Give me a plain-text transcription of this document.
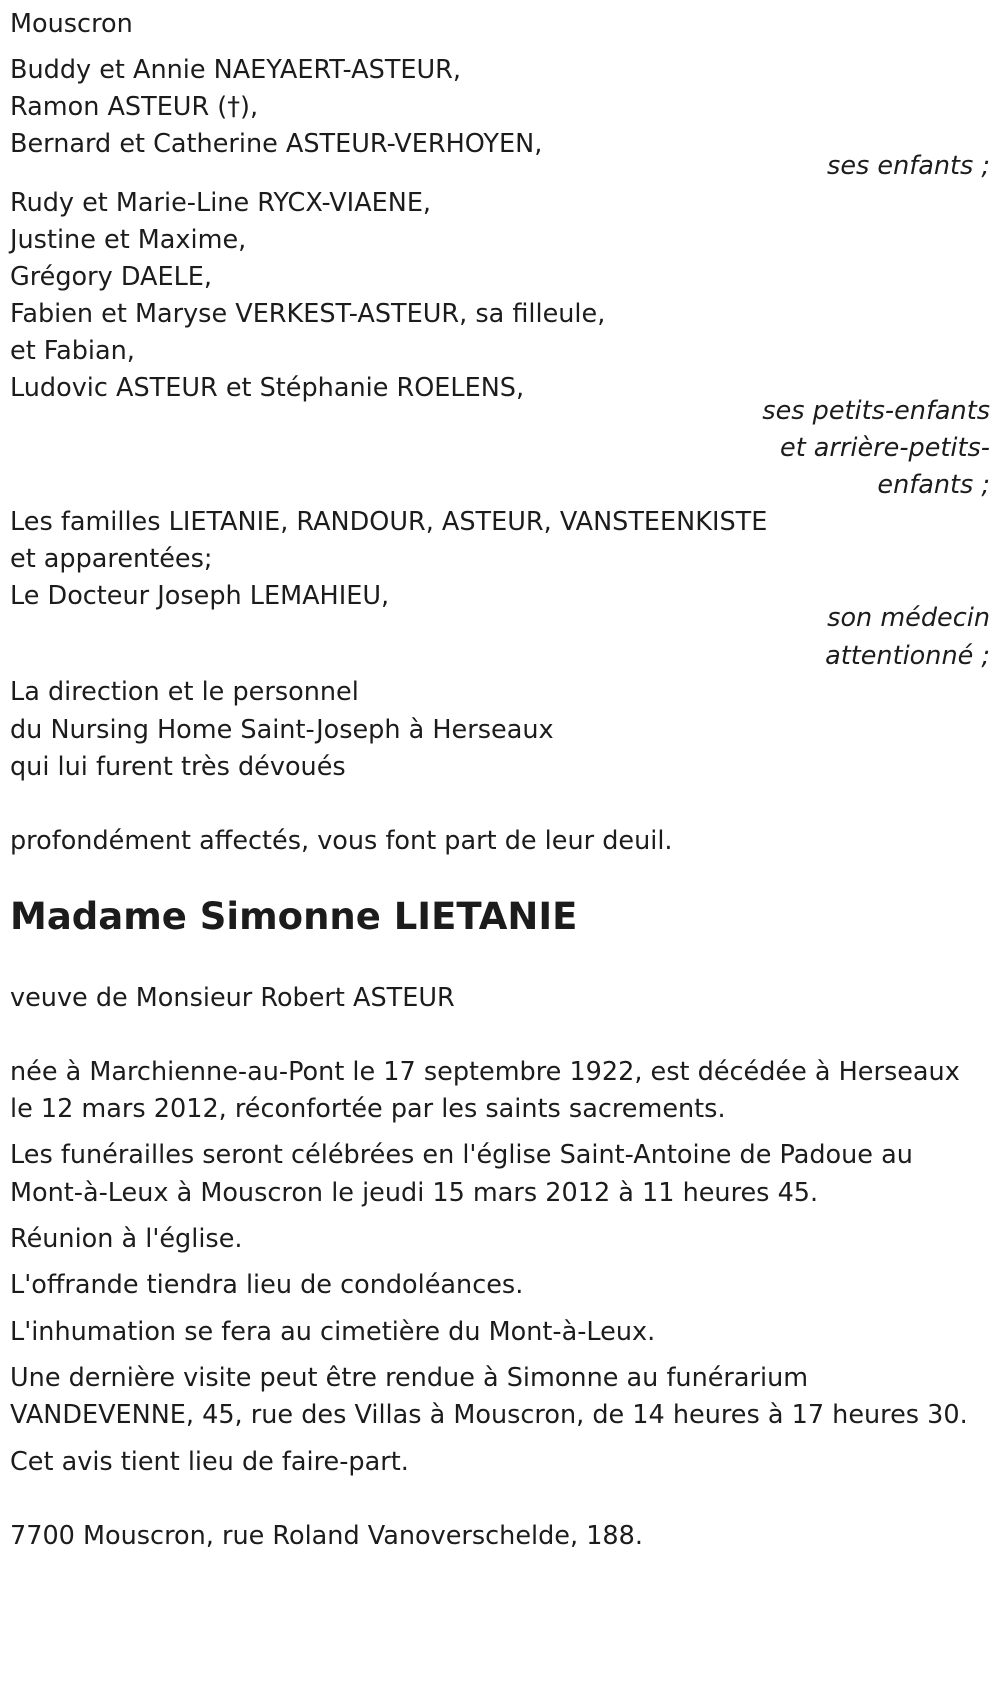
Mouscron
Buddy et Annie NAEYAERT-ASTEUR,
Ramon ASTEUR (†),
Bernard et Catherine ASTEUR-VERHOYEN,
ses enfants ;
Rudy et Marie-Line RYCX-VIAENE,
Justine et Maxime,
Grégory DAELE,
Fabien et Maryse VERKEST-ASTEUR, sa filleule,
et Fabian,
Ludovic ASTEUR et Stéphanie ROELENS,
ses petits-enfants
et arrière-petits-
enfants ;
Les familles LIETANIE, RANDOUR, ASTEUR, VANSTEENKISTE
et apparentées;
Le Docteur Joseph LEMAHIEU,
son médecin
attentionné ;
La direction et le personnel
du Nursing Home Saint-Joseph à Herseaux
qui lui furent très dévoués
profondément affectés, vous font part de leur deuil.
Madame Simonne LIETANIE
veuve de Monsieur Robert ASTEUR
née à Marchienne-au-Pont le 17 septembre 1922, est décédée à Herseaux
le 12 mars 2012, réconfortée par les saints sacrements.
Les funérailles seront célébrées en l'église Saint-Antoine de Padoue au
Mont-à-Leux à Mouscron le jeudi 15 mars 2012 à 11 heures 45.
Réunion à l'église.
L'offrande tiendra lieu de condoléances.
L'inhumation se fera au cimetière du Mont-à-Leux.
Une dernière visite peut être rendue à Simonne au funérarium
VANDEVENNE, 45, rue des Villas à Mouscron, de 14 heures à 17 heures 30.
Cet avis tient lieu de faire-part.
7700 Mouscron, rue Roland Vanoverschelde, 188.
